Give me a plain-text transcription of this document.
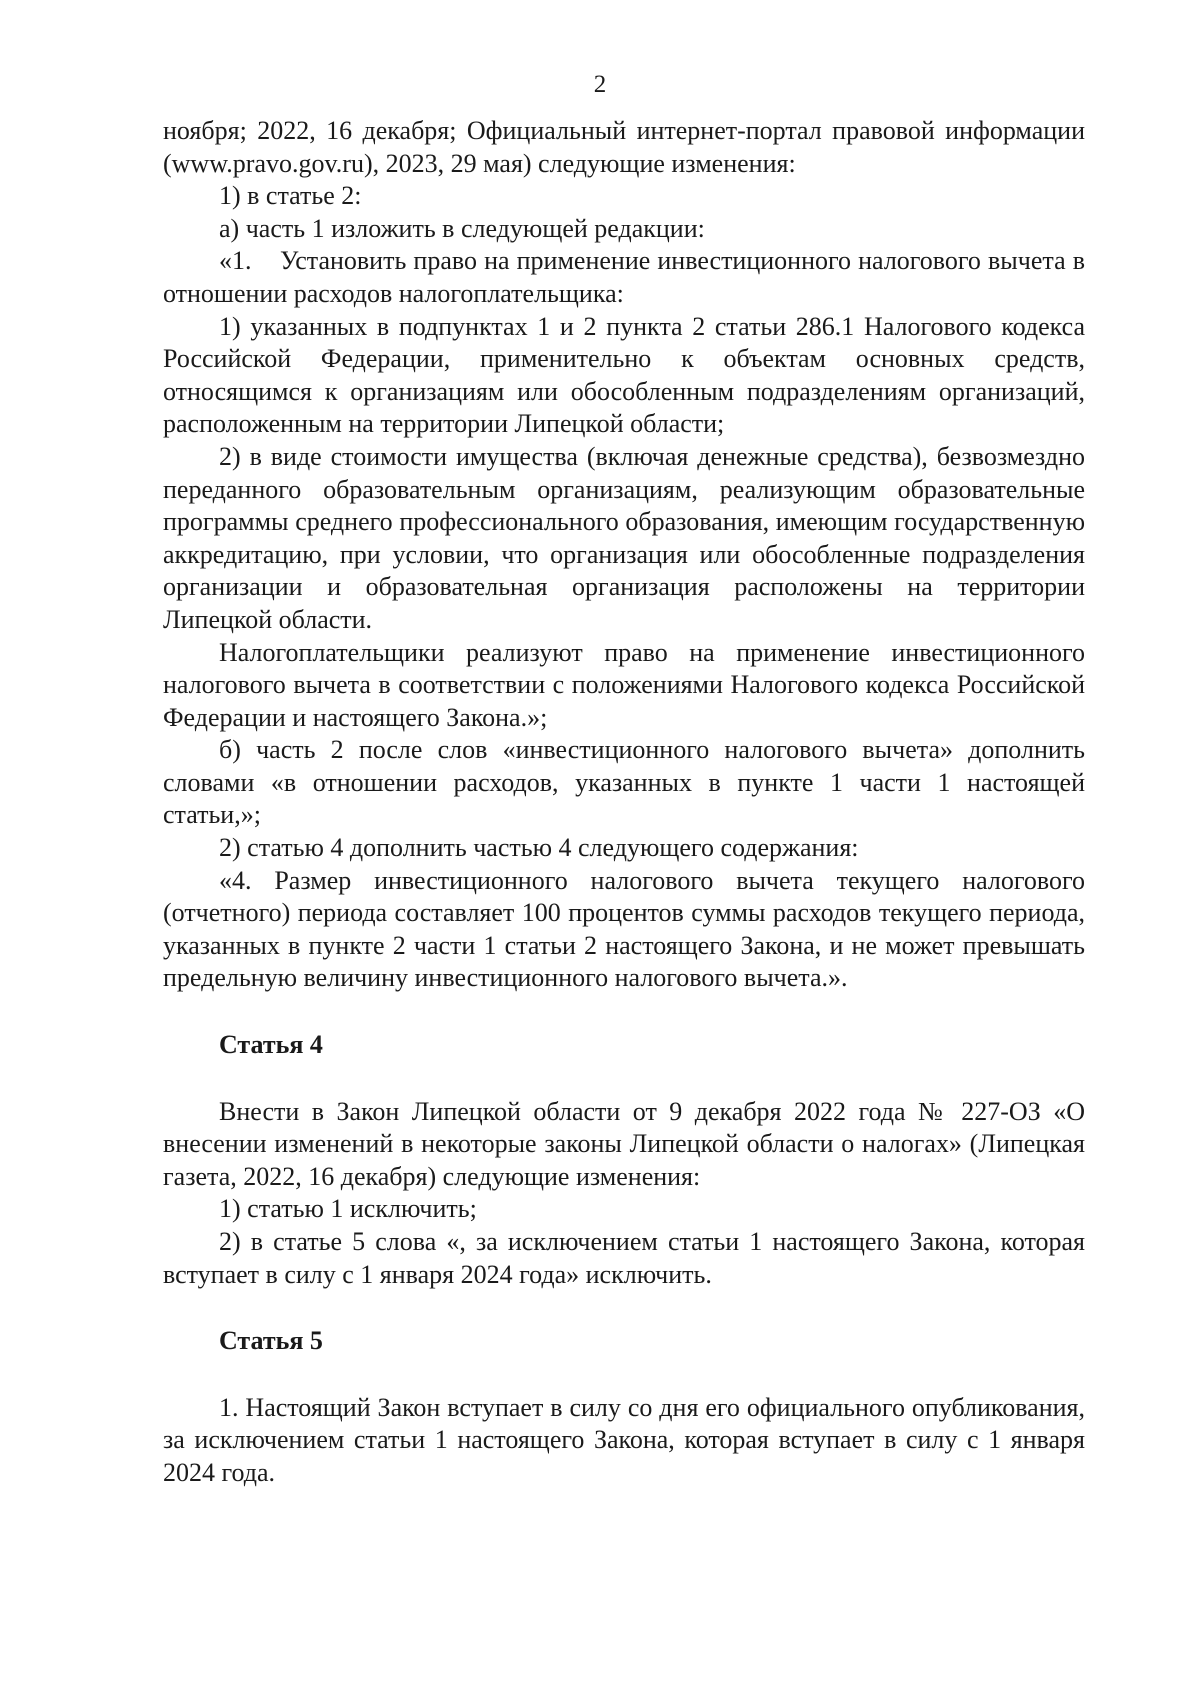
2

ноября; 2022, 16 декабря; Официальный интернет-портал правовой информации (www.pravo.gov.ru), 2023, 29 мая) следующие изменения:

1) в статье 2:

а) часть 1 изложить в следующей редакции:

«1.    Установить право на применение инвестиционного налогового вычета в отношении расходов налогоплательщика:

1) указанных в подпунктах 1 и 2 пункта 2 статьи 286.1 Налогового кодекса Российской Федерации, применительно к объектам основных средств, относящимся к организациям или обособленным подразделениям организаций, расположенным на территории Липецкой области;

2) в виде стоимости имущества (включая денежные средства), безвозмездно переданного образовательным организациям, реализующим образовательные программы среднего профессионального образования, имеющим государственную аккредитацию, при условии, что организация или обособленные подразделения организации и образовательная организация расположены на территории Липецкой области.

Налогоплательщики реализуют право на применение инвестиционного налогового вычета в соответствии с положениями Налогового кодекса Российской Федерации и настоящего Закона.»;

б) часть 2 после слов «инвестиционного налогового вычета» дополнить словами «в отношении расходов, указанных в пункте 1 части 1 настоящей статьи,»;

2) статью 4 дополнить частью 4 следующего содержания:

«4. Размер инвестиционного налогового вычета текущего налогового (отчетного) периода составляет 100 процентов суммы расходов текущего периода, указанных в пункте 2 части 1 статьи 2 настоящего Закона, и не может превышать предельную величину инвестиционного налогового вычета.».

Статья 4

Внести в Закон Липецкой области от 9 декабря 2022 года № 227-ОЗ «О внесении изменений в некоторые законы Липецкой области о налогах» (Липецкая газета, 2022, 16 декабря) следующие изменения:

1) статью 1 исключить;

2) в статье 5 слова «, за исключением статьи 1 настоящего Закона, которая вступает в силу с 1 января 2024 года» исключить.

Статья 5

1. Настоящий Закон вступает в силу со дня его официального опубликования, за исключением статьи 1 настоящего Закона, которая вступает в силу с 1 января 2024 года.
